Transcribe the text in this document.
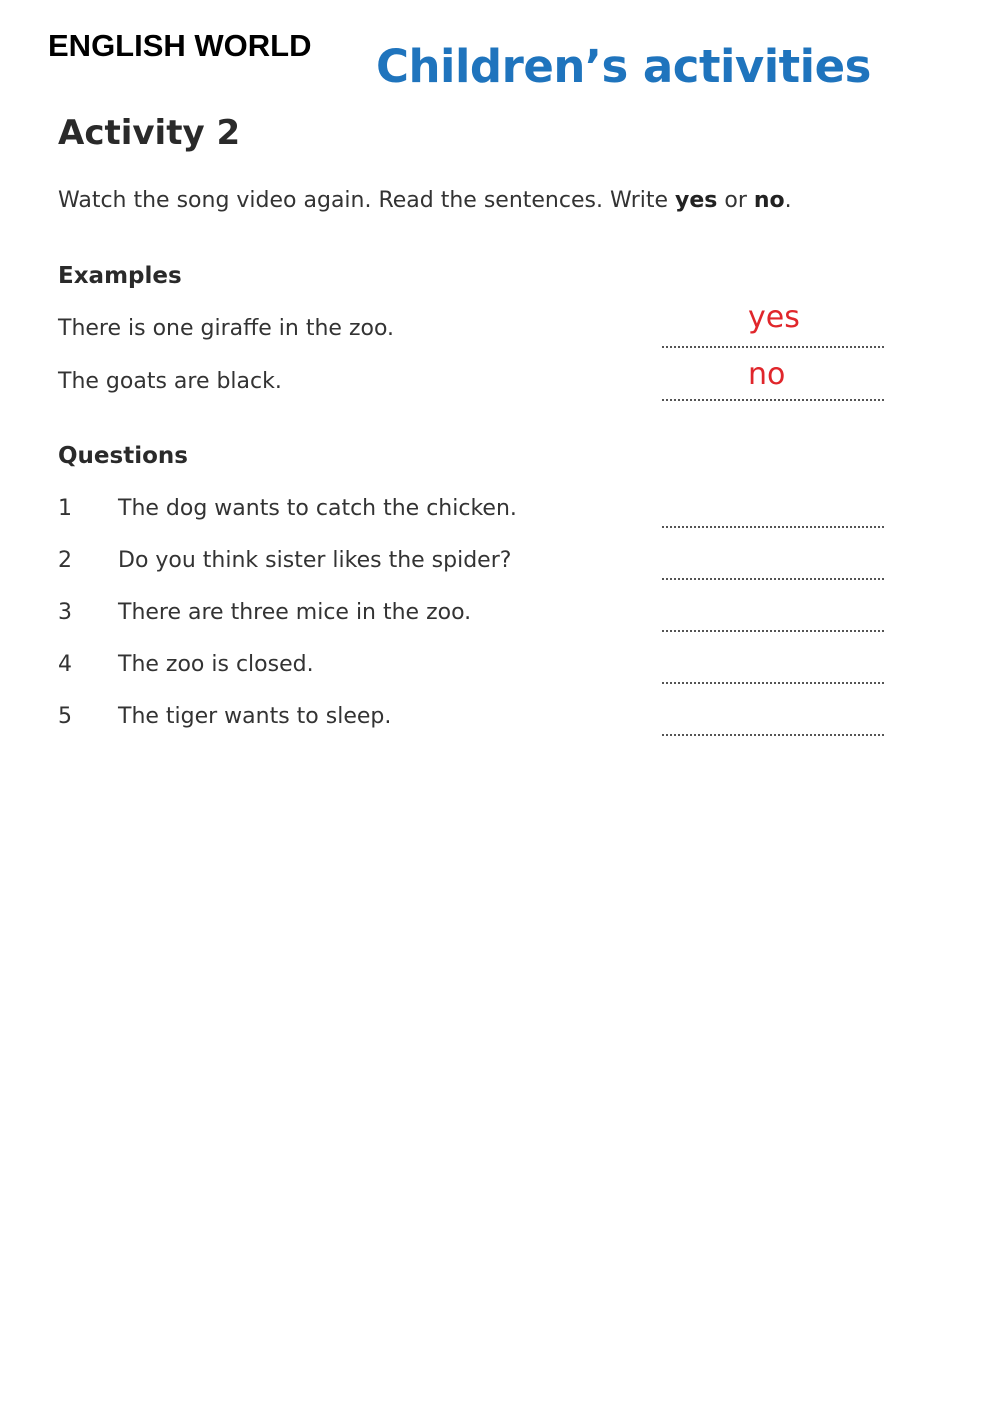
ENGLISH WORLD Children’s activities
Activity 2
Watch the song video again. Read the sentences. Write yes or no.
Examples
There is one giraffe in the zoo.	yes
The goats are black.	no
Questions
1 The dog wants to catch the chicken.
2 Do you think sister likes the spider?
3 There are three mice in the zoo.
4 The zoo is closed.
5 The tiger wants to sleep.
